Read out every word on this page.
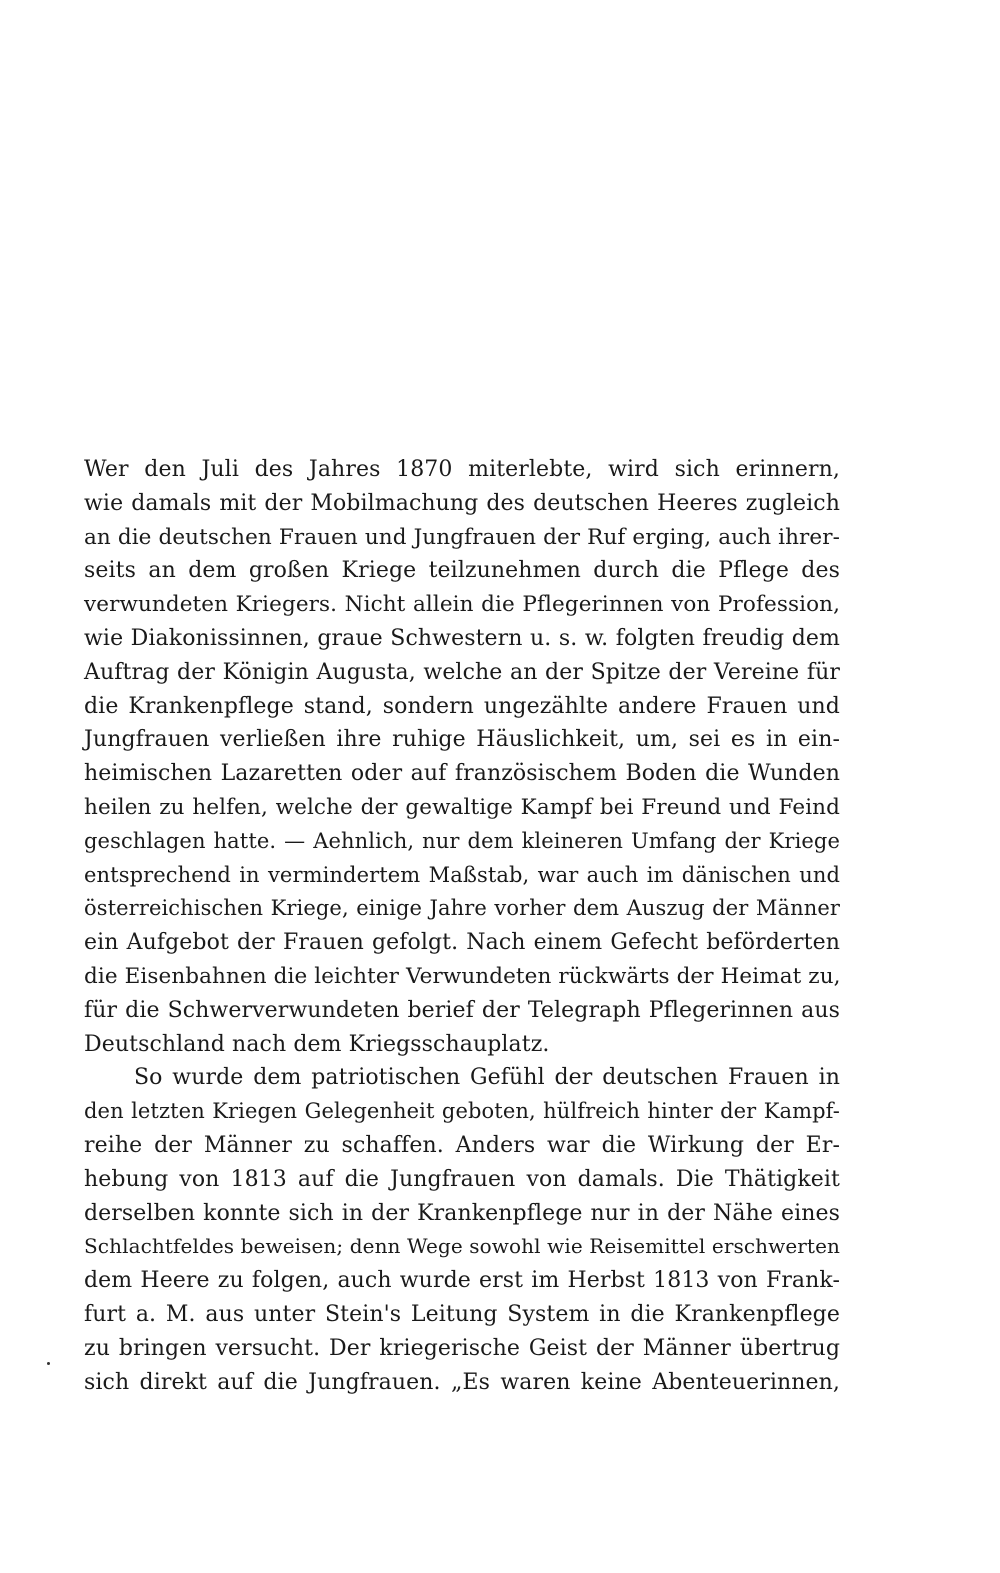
Wer den Juli des Jahres 1870 miterlebte, wird sich erinnern,
wie damals mit der Mobilmachung des deutschen Heeres zugleich
an die deutschen Frauen und Jungfrauen der Ruf erging, auch ihrer-
seits an dem großen Kriege teilzunehmen durch die Pflege des
verwundeten Kriegers. Nicht allein die Pflegerinnen von Profession,
wie Diakonissinnen, graue Schwestern u. s. w. folgten freudig dem
Auftrag der Königin Augusta, welche an der Spitze der Vereine für
die Krankenpflege stand, sondern ungezählte andere Frauen und
Jungfrauen verließen ihre ruhige Häuslichkeit, um, sei es in ein-
heimischen Lazaretten oder auf französischem Boden die Wunden
heilen zu helfen, welche der gewaltige Kampf bei Freund und Feind
geschlagen hatte. — Aehnlich, nur dem kleineren Umfang der Kriege
entsprechend in vermindertem Maßstab, war auch im dänischen und
österreichischen Kriege, einige Jahre vorher dem Auszug der Männer
ein Aufgebot der Frauen gefolgt. Nach einem Gefecht beförderten
die Eisenbahnen die leichter Verwundeten rückwärts der Heimat zu,
für die Schwerverwundeten berief der Telegraph Pflegerinnen aus
Deutschland nach dem Kriegsschauplatz.
So wurde dem patriotischen Gefühl der deutschen Frauen in
den letzten Kriegen Gelegenheit geboten, hülfreich hinter der Kampf-
reihe der Männer zu schaffen. Anders war die Wirkung der Er-
hebung von 1813 auf die Jungfrauen von damals. Die Thätigkeit
derselben konnte sich in der Krankenpflege nur in der Nähe eines
Schlachtfeldes beweisen; denn Wege sowohl wie Reisemittel erschwerten
dem Heere zu folgen, auch wurde erst im Herbst 1813 von Frank-
furt a. M. aus unter Stein's Leitung System in die Krankenpflege
zu bringen versucht. Der kriegerische Geist der Männer übertrug
sich direkt auf die Jungfrauen. „Es waren keine Abenteuerinnen,
